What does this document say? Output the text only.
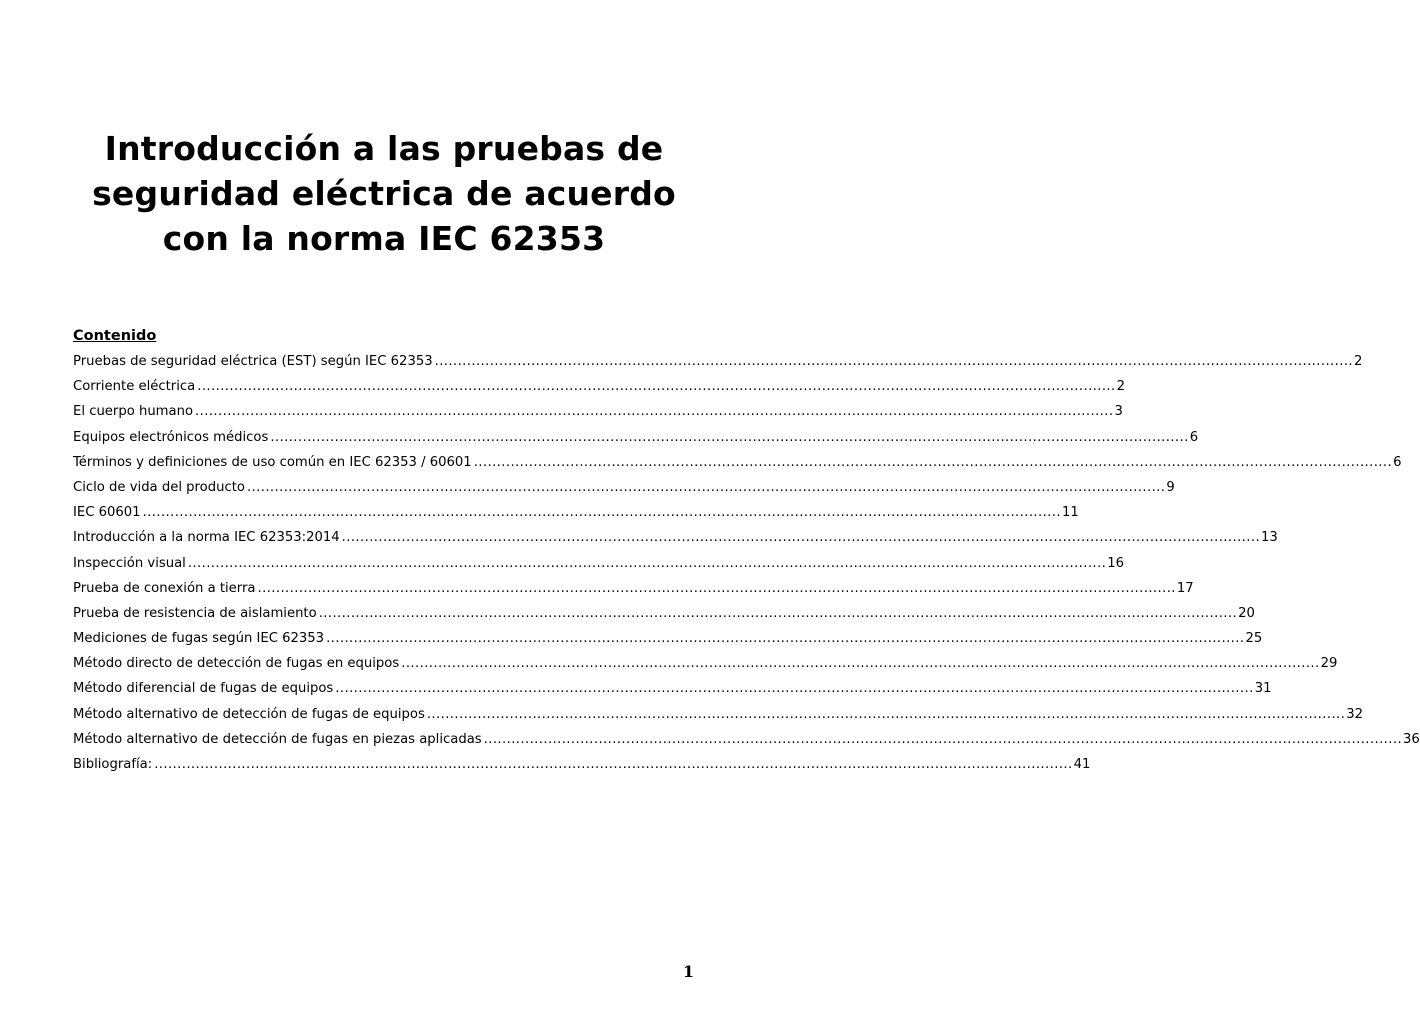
Introducción a las pruebas de
seguridad eléctrica de acuerdo
con la norma IEC 62353
Contenido
Pruebas de seguridad eléctrica (EST) según IEC 62353 ........................................................................................................................................................................................................ 2
Corriente eléctrica ........................................................................................................................................................................................................ 2
El cuerpo humano ........................................................................................................................................................................................................ 3
Equipos electrónicos médicos ........................................................................................................................................................................................................ 6
Términos y definiciones de uso común en IEC 62353 / 60601 ........................................................................................................................................................................................................ 6
Ciclo de vida del producto ........................................................................................................................................................................................................ 9
IEC 60601 ........................................................................................................................................................................................................ 11
Introducción a la norma IEC 62353:2014 ........................................................................................................................................................................................................ 13
Inspección visual ........................................................................................................................................................................................................ 16
Prueba de conexión a tierra ........................................................................................................................................................................................................ 17
Prueba de resistencia de aislamiento ........................................................................................................................................................................................................ 20
Mediciones de fugas según IEC 62353 ........................................................................................................................................................................................................ 25
Método directo de detección de fugas en equipos ........................................................................................................................................................................................................ 29
Método diferencial de fugas de equipos ........................................................................................................................................................................................................ 31
Método alternativo de detección de fugas de equipos ........................................................................................................................................................................................................ 32
Método alternativo de detección de fugas en piezas aplicadas ........................................................................................................................................................................................................ 36
Bibliografía: ........................................................................................................................................................................................................ 41
1
